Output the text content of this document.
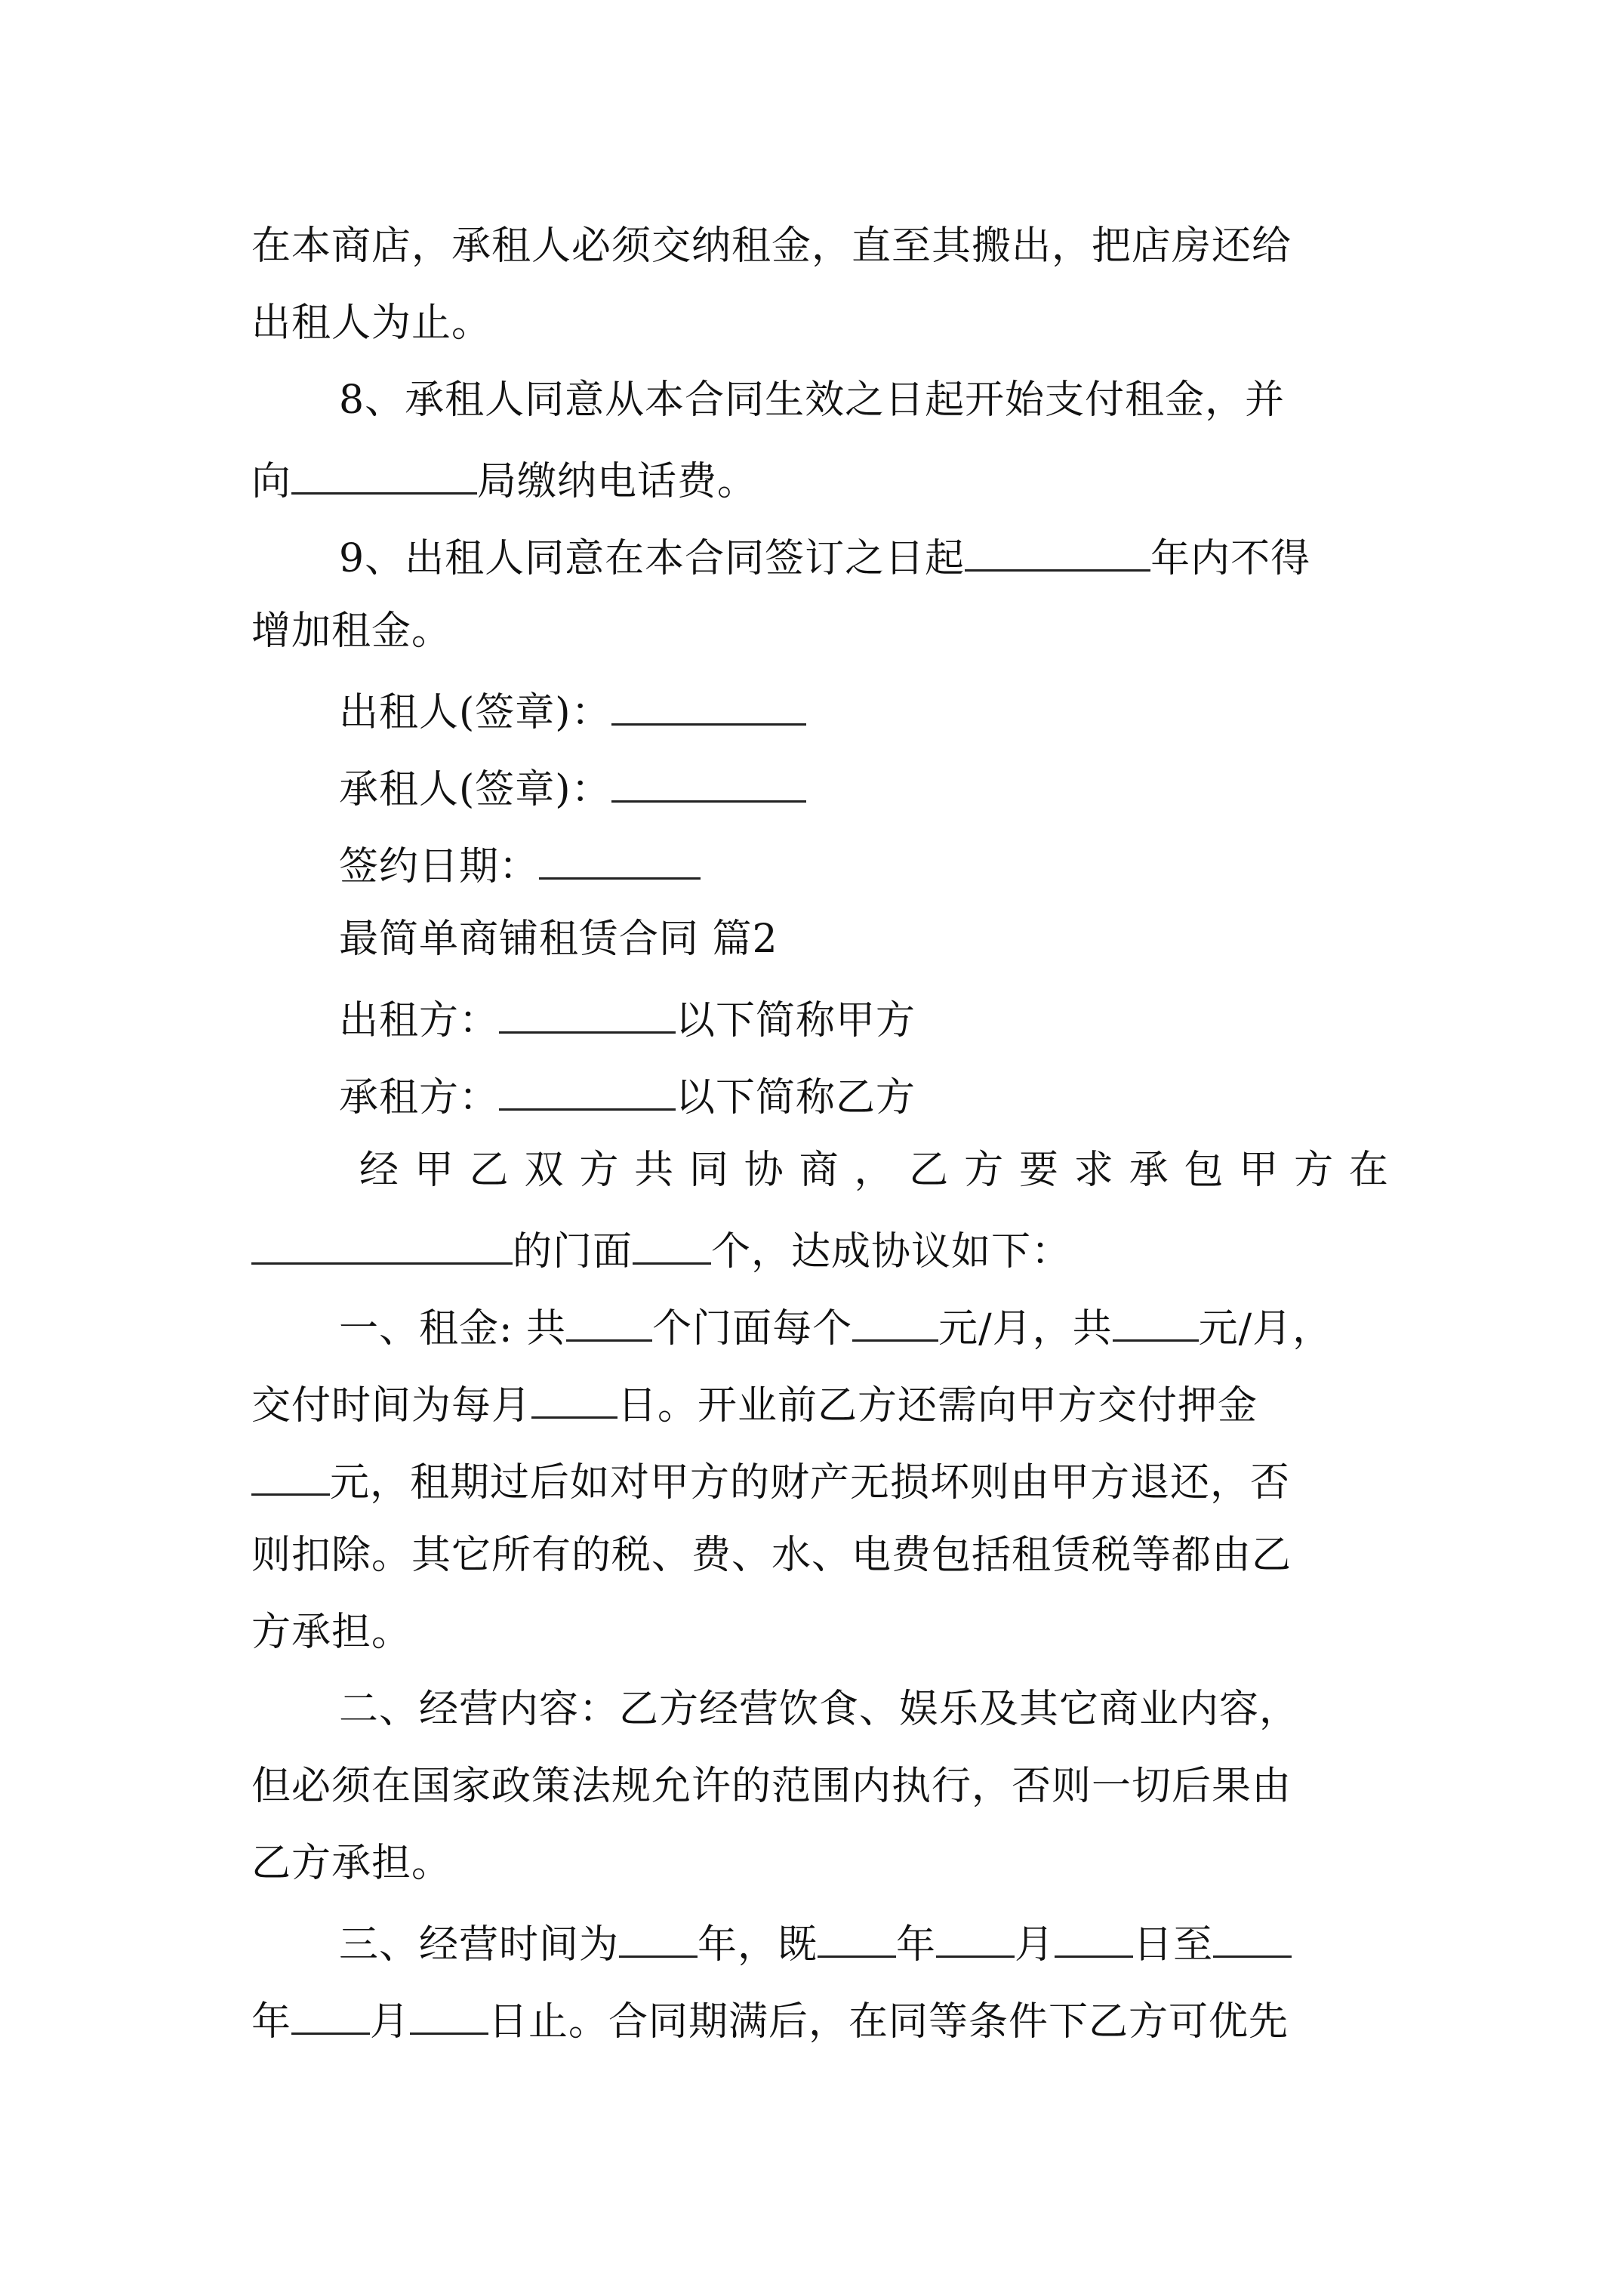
在本商店，承租人必须交纳租金，直至其搬出，把店房还给
出租人为止。
8、承租人同意从本合同生效之日起开始支付租金，并
向	局缴纳电话费。
9、出租人同意在本合同签订之日起	年内不得
增加租金。
出租人(签章)：
承租人(签章)：
签约日期：
最简单商铺租赁合同 篇2
出租方：	以下简称甲方
承租方：	以下简称乙方
经 甲 乙 双 方 共 同 协 商 ， 乙 方 要 求 承 包 甲 方 在
的门面 个，达成协议如下：
一、租金: 共 个门面每个 元/月，共 元/月，
交付时间为每月 日。开业前乙方还需向甲方交付押金
元，租期过后如对甲方的财产无损坏则由甲方退还，否
则扣除。其它所有的税、费、水、电费包括租赁税等都由乙
方承担。
二、经营内容：乙方经营饮食、娱乐及其它商业内容，
但必须在国家政策法规允许的范围内执行，否则一切后果由
乙方承担。
三、经营时间为 年，既 年 月 日至
年 月 日止。合同期满后，在同等条件下乙方可优先
